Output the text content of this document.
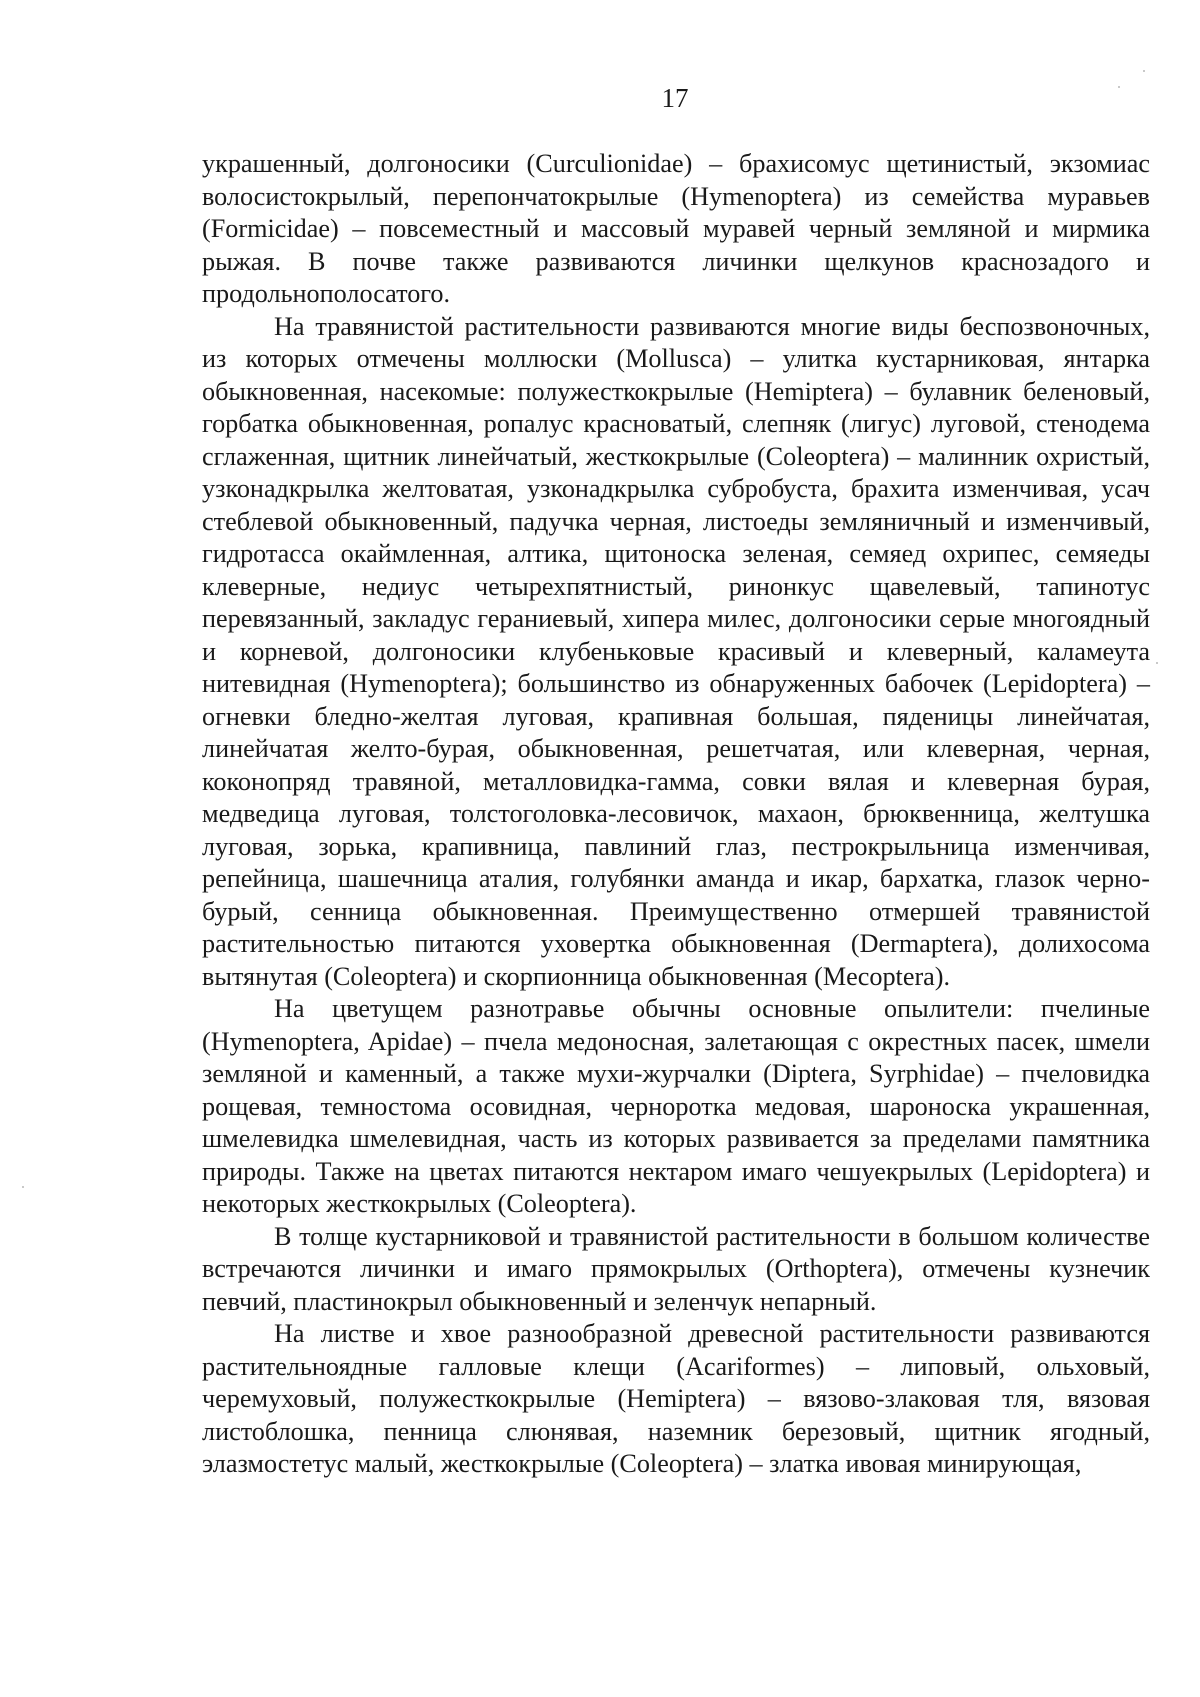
17

украшенный, долгоносики (Curculionidae) – брахисомус щетинистый, экзомиас волосистокрылый, перепончатокрылые (Hymenoptera) из семейства муравьев (Formicidae) – повсеместный и массовый муравей черный земляной и мирмика рыжая. В почве также развиваются личинки щелкунов краснозадого и продольнополосатого.

На травянистой растительности развиваются многие виды беспозвоночных, из которых отмечены моллюски (Mollusca) – улитка кустарниковая, янтарка обыкновенная, насекомые: полужесткокрылые (Hemiptera) – булавник беленовый, горбатка обыкновенная, ропалус красноватый, слепняк (лигус) луговой, стенодема сглаженная, щитник линейчатый, жесткокрылые (Coleoptera) – малинник охристый, узконадкрылка желтоватая, узконадкрылка субробуста, брахита изменчивая, усач стеблевой обыкновенный, падучка черная, листоеды земляничный и изменчивый, гидротасса окаймленная, алтика, щитоноска зеленая, семяед охрипес, семяеды клеверные, недиус четырехпятнистый, ринонкус щавелевый, тапинотус перевязанный, закладус гераниевый, хипера милес, долгоносики серые многоядный и корневой, долгоносики клубеньковые красивый и клеверный, каламеута нитевидная (Hymenoptera); большинство из обнаруженных бабочек (Lepidoptera) – огневки бледно-желтая луговая, крапивная большая, пяденицы линейчатая, линейчатая желто-бурая, обыкновенная, решетчатая, или клеверная, черная, коконопряд травяной, металловидка-гамма, совки вялая и клеверная бурая, медведица луговая, толстоголовка-лесовичок, махаон, брюквенница, желтушка луговая, зорька, крапивница, павлиний глаз, пестрокрыльница изменчивая, репейница, шашечница аталия, голубянки аманда и икар, бархатка, глазок черно-бурый, сенница обыкновенная. Преимущественно отмершей травянистой растительностью питаются уховертка обыкновенная (Dermaptera), долихосома вытянутая (Coleoptera) и скорпионница обыкновенная (Mecoptera).

На цветущем разнотравье обычны основные опылители: пчелиные (Hymenoptera, Apidae) – пчела медоносная, залетающая с окрестных пасек, шмели земляной и каменный, а также мухи-журчалки (Diptera, Syrphidae) – пчеловидка рощевая, темностома осовидная, черноротка медовая, шароноска украшенная, шмелевидка шмелевидная, часть из которых развивается за пределами памятника природы. Также на цветах питаются нектаром имаго чешуекрылых (Lepidoptera) и некоторых жесткокрылых (Coleoptera).

В толще кустарниковой и травянистой растительности в большом количестве встречаются личинки и имаго прямокрылых (Orthoptera), отмечены кузнечик певчий, пластинокрыл обыкновенный и зеленчук непарный.

На листве и хвое разнообразной древесной растительности развиваются растительноядные галловые клещи (Acariformes) – липовый, ольховый, черемуховый, полужесткокрылые (Hemiptera) – вязово-злаковая тля, вязовая листоблошка, пенница слюнявая, наземник березовый, щитник ягодный, элазмостетус малый, жесткокрылые (Coleoptera) – златка ивовая минирующая,
